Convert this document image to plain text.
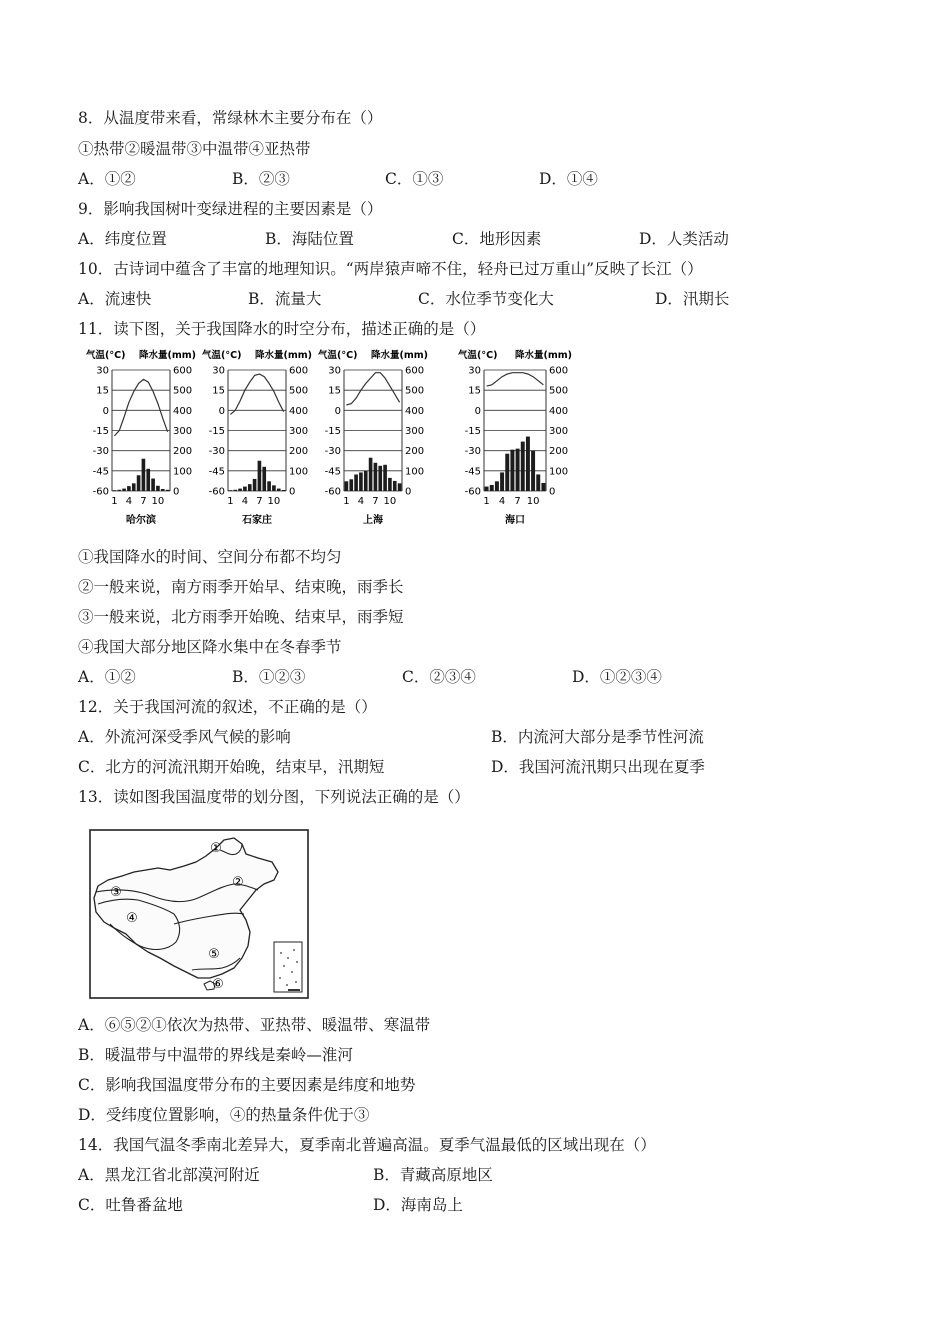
8．从温度带来看，常绿林木主要分布在（）
①热带②暖温带③中温带④亚热带
A．①②	B．②③	C．①③	D．①④
9．影响我国树叶变绿进程的主要因素是（）
A．纬度位置	B．海陆位置	C．地形因素	D．人类活动
10．古诗词中蕴含了丰富的地理知识。“两岸猿声啼不住，轻舟已过万重山”反映了长江（）
A．流速快	B．流量大	C．水位季节变化大	D．汛期长
11．读下图，关于我国降水的时空分布，描述正确的是（）
气温(°C) 降水量(mm)
30	600
15	500
0	400
-15	300
-30	200
-45	100
-60	0
1 4 7 10
哈尔滨
气温(°C) 降水量(mm)
30	600
15	500
0	400
-15	300
-30	200
-45	100
-60	0
1 4 7 10
石家庄
气温(°C) 降水量(mm)
30	600
15	500
0	400
-15	300
-30	200
-45	100
-60	0
1 4 7 10
上海
气温(°C) 降水量(mm)
30	600
15	500
0	400
-15	300
-30	200
-45	100
-60	0
1 4 7 10
海口
①我国降水的时间、空间分布都不均匀
②一般来说，南方雨季开始早、结束晚，雨季长
③一般来说，北方雨季开始晚、结束早，雨季短
④我国大部分地区降水集中在冬春季节
A．①②	B．①②③	C．②③④	D．①②③④
12．关于我国河流的叙述，不正确的是（）
A．外流河深受季风气候的影响	B．内流河大部分是季节性河流
C．北方的河流汛期开始晚，结束早，汛期短	D．我国河流汛期只出现在夏季
13．读如图我国温度带的划分图，下列说法正确的是（）
①
②
③
④
⑤
⑥
A．⑥⑤②①依次为热带、亚热带、暖温带、寒温带
B．暖温带与中温带的界线是秦岭—淮河
C．影响我国温度带分布的主要因素是纬度和地势
D．受纬度位置影响，④的热量条件优于③
14．我国气温冬季南北差异大，夏季南北普遍高温。夏季气温最低的区域出现在（）
A．黑龙江省北部漠河附近	B．青藏高原地区
C．吐鲁番盆地	D．海南岛上
